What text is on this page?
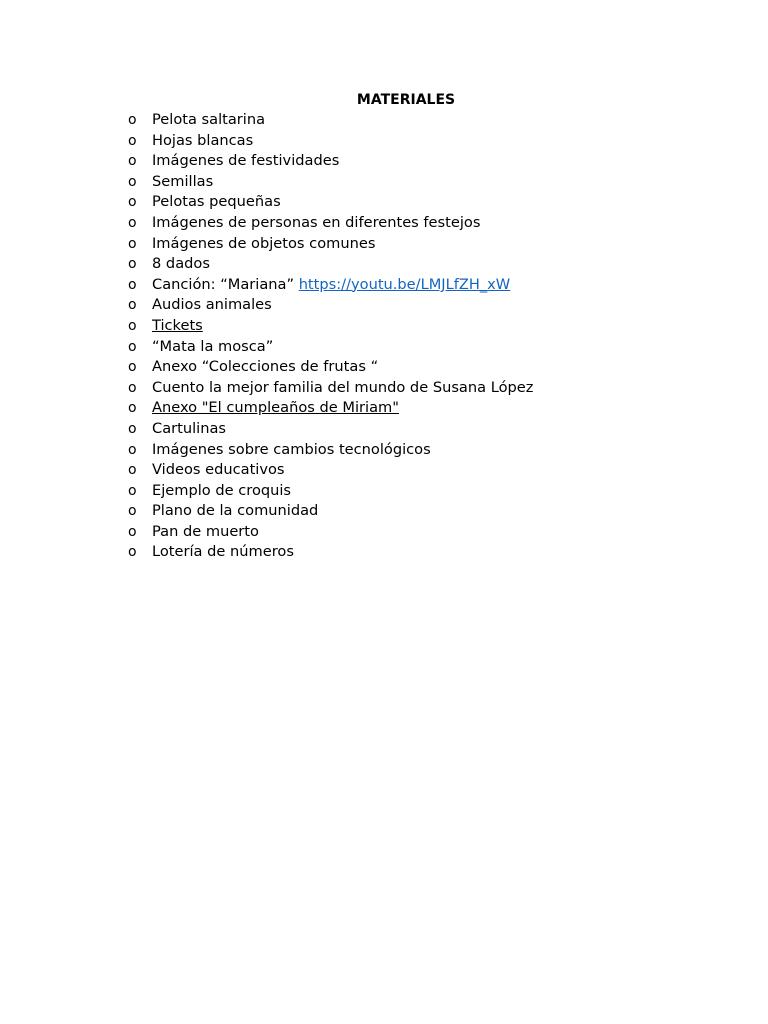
MATERIALES
o Pelota saltarina
o Hojas blancas
o Imágenes de festividades
o Semillas
o Pelotas pequeñas
o Imágenes de personas en diferentes festejos
o Imágenes de objetos comunes
o 8 dados
o Canción: “Mariana” https://youtu.be/LMJLfZH_xW
o Audios animales
o Tickets
o “Mata la mosca”
o Anexo “Colecciones de frutas “
o Cuento la mejor familia del mundo de Susana López
o Anexo "El cumpleaños de Miriam"
o Cartulinas
o Imágenes sobre cambios tecnológicos
o Videos educativos
o Ejemplo de croquis
o Plano de la comunidad
o Pan de muerto
o Lotería de números
